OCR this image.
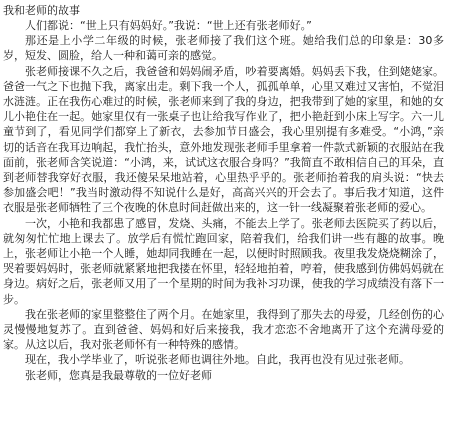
我和老师的故事

人们都说：“世上只有妈妈好。”我说：“世上还有张老师好。”

那还是上小学二年级的时候，张老师接了我们这个班。她给我们总的印象是：30多岁，短发、圆脸，给人一种和蔼可亲的感觉。

张老师接课不久之后，我爸爸和妈妈闹矛盾，吵着要离婚。妈妈丢下我，住到姥姥家。爸爸一气之下也抛下我，离家出走。剩下我一个人，孤孤单单，心里又难过又害怕，不觉泪水涟涟。正在我伤心难过的时候，张老师来到了我的身边，把我带到了她的家里，和她的女儿小艳住在一起。她家里仅有一张桌子也让给我写作业了，把小艳赶到小床上写字。六一儿童节到了，看见同学们都穿上了新衣，去参加节日盛会，我心里别提有多难受。“小鸿，”亲切的话音在我耳边响起，我忙抬头，意外地发现张老师手里拿着一件款式新颖的衣服站在我面前，张老师含笑说道：“小鸿，来，试试这衣服合身吗？”我简直不敢相信自己的耳朵，直到老师替我穿好衣服，我还傻呆呆地站着，心里热乎乎的。张老师抬着我的肩头说：“快去参加盛会吧！”我当时激动得不知说什么是好，高高兴兴的开会去了。事后我才知道，这件衣服是张老师牺牲了三个夜晚的休息时间赶做出来的，这一针一线凝聚着张老师的爱心。

一次，小艳和我都患了感冒，发烧、头痛，不能去上学了。张老师去医院买了药以后，就匆匆忙忙地上课去了。放学后有慌忙跑回家，陪着我们，给我们讲一些有趣的故事。晚上，张老师让小艳一个人睡，她却同我睡在一起，以便时时照顾我。夜里我发烧烧糊涂了，哭着要妈妈时，张老师就紧紧地把我搂在怀里，轻轻地拍着，哼着，使我感到仿佛妈妈就在身边。病好之后，张老师又用了一个星期的时间为我补习功课，使我的学习成绩没有落下一步。

我在张老师的家里整整住了两个月。在她家里，我得到了那失去的母爱，几经创伤的心灵慢慢地复苏了。直到爸爸、妈妈和好后来接我，我才恋恋不舍地离开了这个充满母爱的家。从这以后，我对张老师怀有一种特殊的感情。

现在，我小学毕业了，听说张老师也调往外地。自此，我再也没有见过张老师。

张老师，您真是我最尊敬的一位好老师
